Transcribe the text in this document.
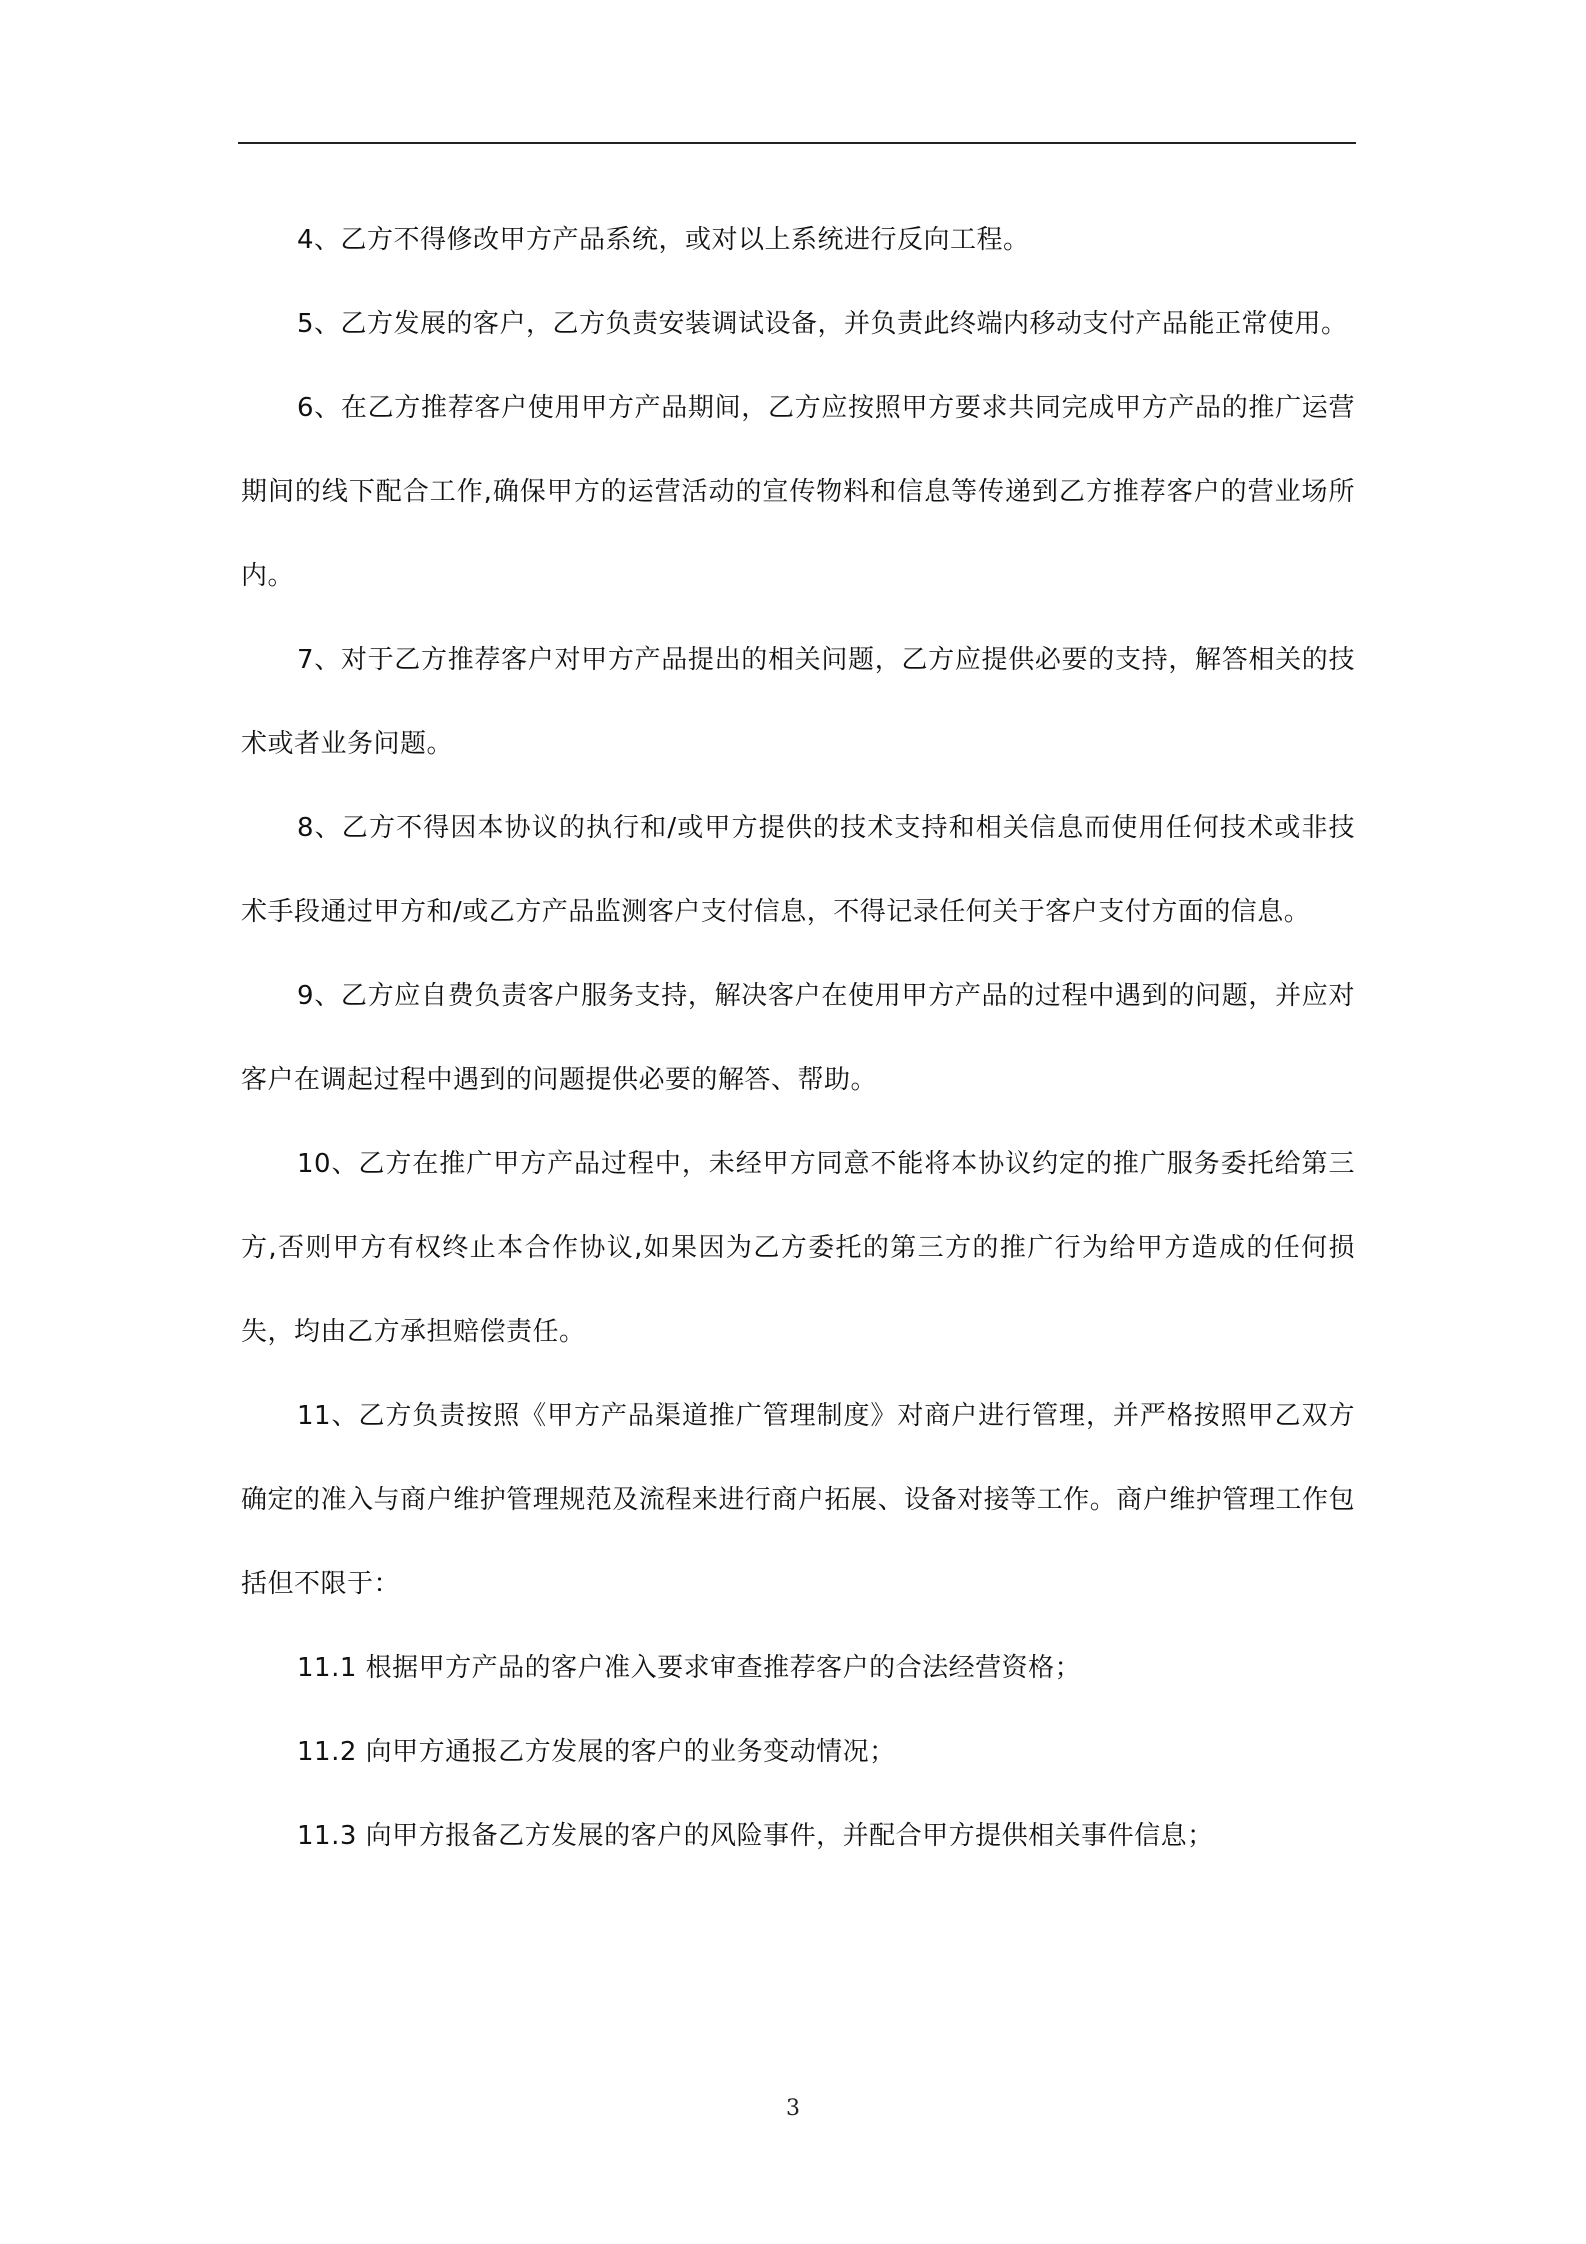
4、乙方不得修改甲方产品系统，或对以上系统进行反向工程。

5、乙方发展的客户，乙方负责安装调试设备，并负责此终端内移动支付产品能正常使用。

6、在乙方推荐客户使用甲方产品期间，乙方应按照甲方要求共同完成甲方产品的推广运营期间的线下配合工作,确保甲方的运营活动的宣传物料和信息等传递到乙方推荐客户的营业场所内。

7、对于乙方推荐客户对甲方产品提出的相关问题，乙方应提供必要的支持，解答相关的技术或者业务问题。

8、乙方不得因本协议的执行和/或甲方提供的技术支持和相关信息而使用任何技术或非技术手段通过甲方和/或乙方产品监测客户支付信息，不得记录任何关于客户支付方面的信息。

9、乙方应自费负责客户服务支持，解决客户在使用甲方产品的过程中遇到的问题，并应对客户在调起过程中遇到的问题提供必要的解答、帮助。

10、乙方在推广甲方产品过程中，未经甲方同意不能将本协议约定的推广服务委托给第三方,否则甲方有权终止本合作协议,如果因为乙方委托的第三方的推广行为给甲方造成的任何损失，均由乙方承担赔偿责任。

11、乙方负责按照《甲方产品渠道推广管理制度》对商户进行管理，并严格按照甲乙双方确定的准入与商户维护管理规范及流程来进行商户拓展、设备对接等工作。商户维护管理工作包括但不限于：

11.1 根据甲方产品的客户准入要求审查推荐客户的合法经营资格；

11.2 向甲方通报乙方发展的客户的业务变动情况；

11.3 向甲方报备乙方发展的客户的风险事件，并配合甲方提供相关事件信息；

3
